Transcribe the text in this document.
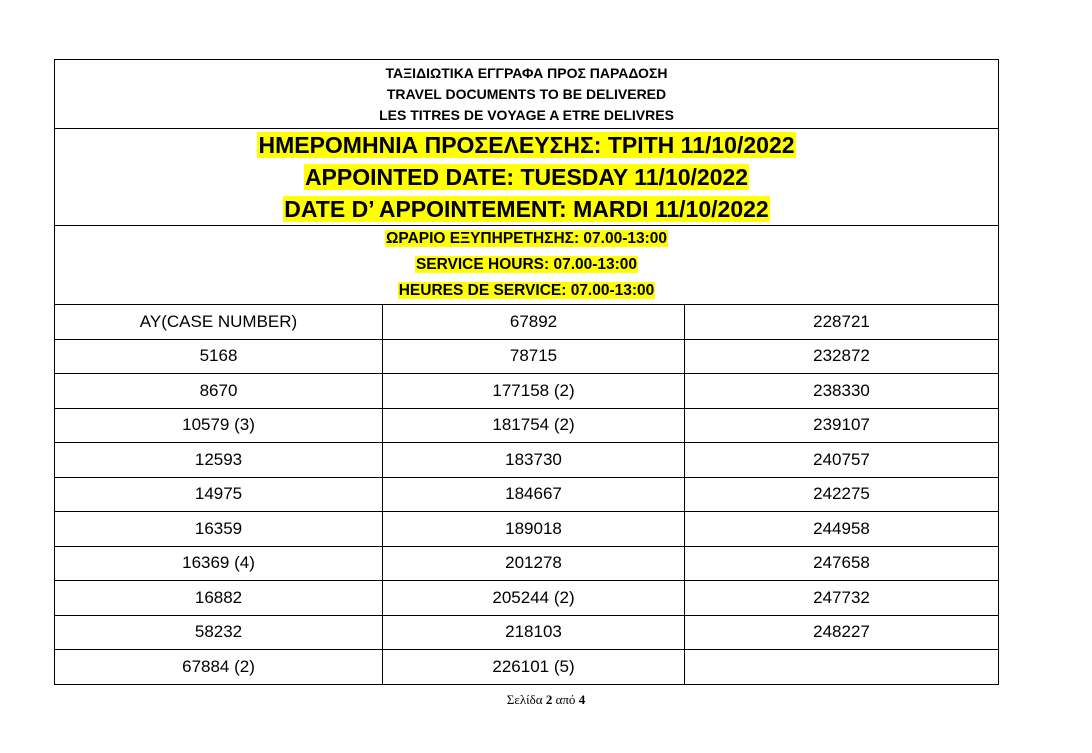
ΤΑΞΙΔΙΩΤΙΚΑ ΕΓΓΡΑΦΑ ΠΡΟΣ ΠΑΡΑΔΟΣΗ
TRAVEL DOCUMENTS TO BE DELIVERED
LES TITRES DE VOYAGE A ETRE DELIVRES		

ΗΜΕΡΟΜΗΝΙΑ ΠΡΟΣΕΛΕΥΣΗΣ: ΤΡΙΤΗ 11/10/2022
APPOINTED DATE: TUESDAY 11/10/2022
DATE D’ APPOINTEMENT: MARDI 11/10/2022		

ΩΡΑΡΙΟ ΕΞΥΠΗΡΕΤΗΣΗΣ: 07.00-13:00
SERVICE HOURS: 07.00-13:00
HEURES DE SERVICE: 07.00-13:00		

AY(CASE NUMBER)	67892	228721
5168	78715	232872
8670	177158 (2)	238330
10579 (3)	181754 (2)	239107
12593	183730	240757
14975	184667	242275
16359	189018	244958
16369 (4)	201278	247658
16882	205244 (2)	247732
58232	218103	248227
67884 (2)	226101 (5)	
Σελίδα 2 από 4
